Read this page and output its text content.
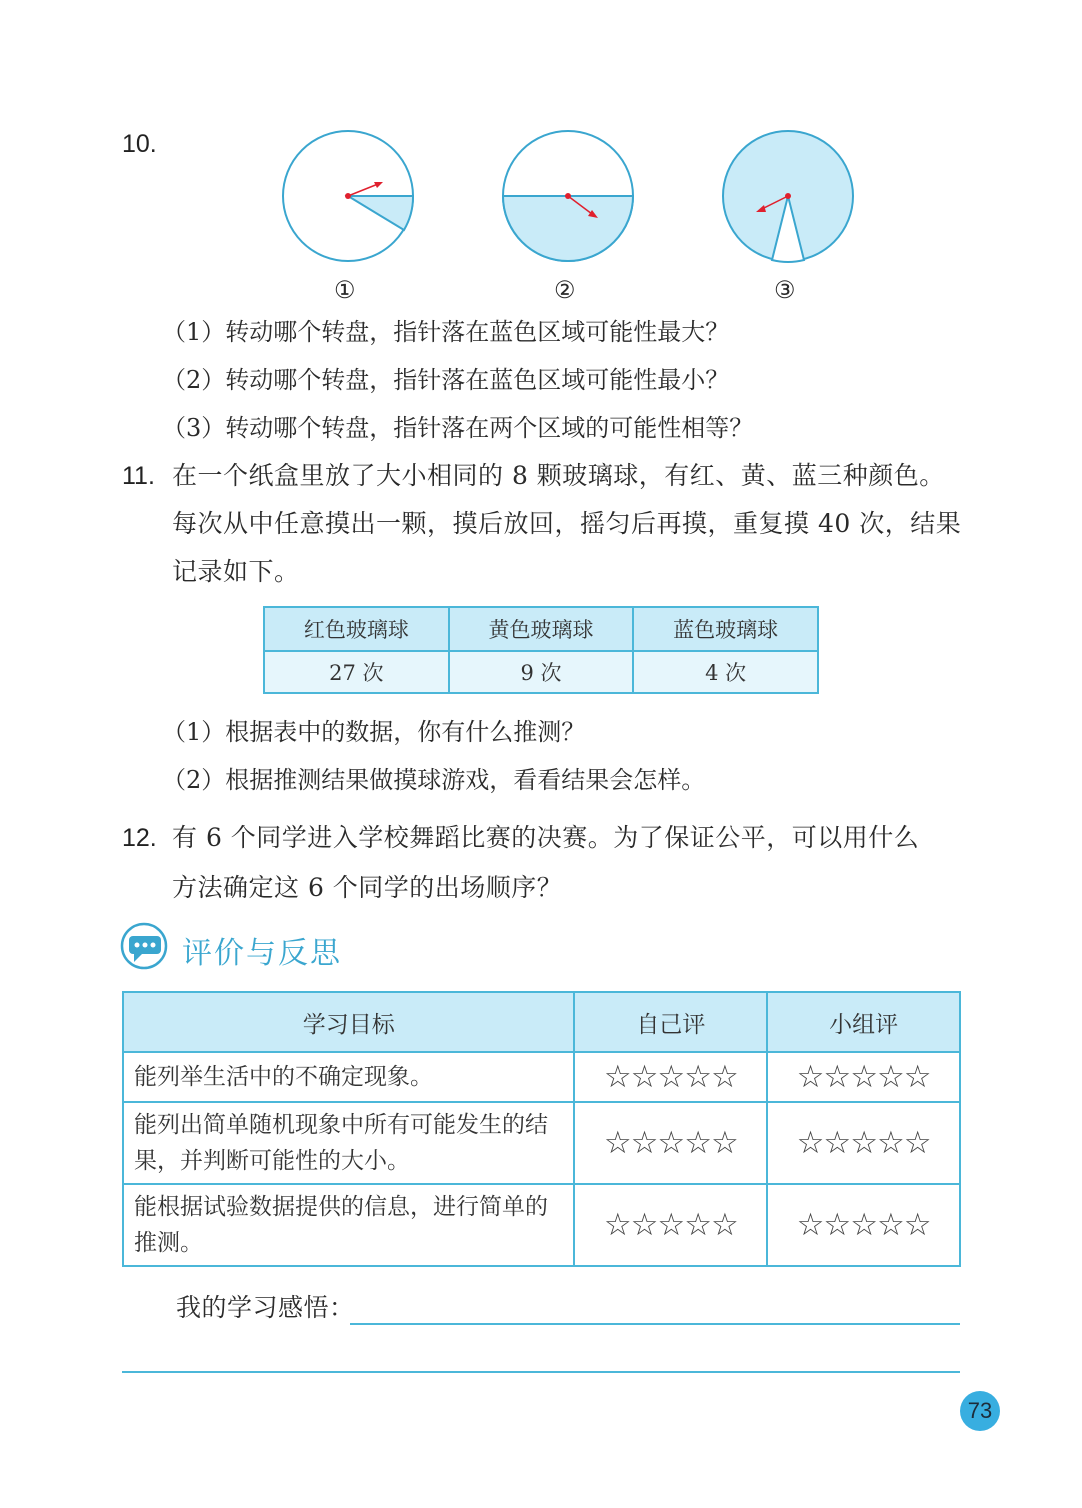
10.
①	②	③
（1）转动哪个转盘，指针落在蓝色区域可能性最大？
（2）转动哪个转盘，指针落在蓝色区域可能性最小？
（3）转动哪个转盘，指针落在两个区域的可能性相等？
11. 在一个纸盒里放了大小相同的 8 颗玻璃球，有红、黄、蓝三种颜色。
每次从中任意摸出一颗，摸后放回，摇匀后再摸，重复摸 40 次，结果
记录如下。
红色玻璃球	黄色玻璃球	蓝色玻璃球
27 次	9 次	4 次
（1）根据表中的数据，你有什么推测？
（2）根据推测结果做摸球游戏，看看结果会怎样。
12. 有 6 个同学进入学校舞蹈比赛的决赛。为了保证公平，可以用什么
方法确定这 6 个同学的出场顺序？
评价与反思
学习目标	自己评	小组评
能列举生活中的不确定现象。	☆☆☆☆☆	☆☆☆☆☆

能列出简单随机现象中所有可能发生的结
果，并判断可能性的大小。	☆☆☆☆☆	☆☆☆☆☆

能根据试验数据提供的信息，进行简单的
推测。	☆☆☆☆☆	☆☆☆☆☆
我的学习感悟：
73
